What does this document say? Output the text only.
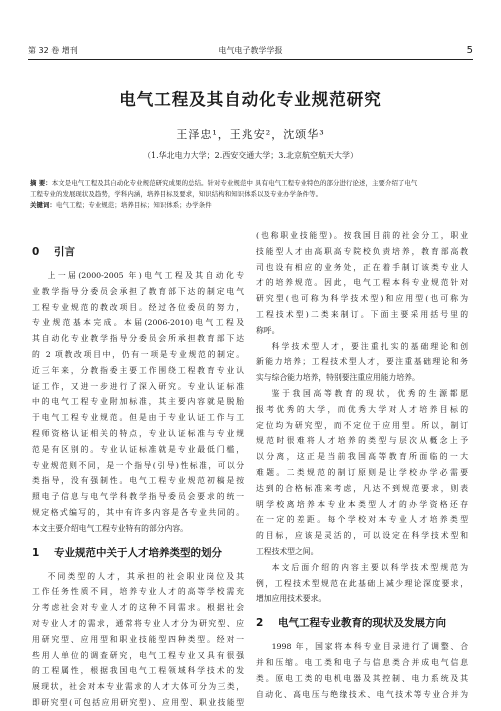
第 32 卷 增刊	电气电子教学学报	5
电气工程及其自动化专业规范研究
王泽忠¹，王兆安²，沈颂华³
（1.华北电力大学；2.西安交通大学；3.北京航空航天大学）
摘 要：本文是电气工程及其自动化专业规范研究成果的总结。针对专业规范中 具有电气工程专业特色的部分进行论述，主要介绍了电气
工程专业的发展现状及趋势，学科内涵，培养目标及要求，知识结构和知识体系以及专业办学条件等。
关键词：电气工程；专业规范；培养目标；知识体系；办学条件
0 引言
上一届(2000-2005 年)电气工程及其自动化专
业教学指导分委员会承担了教育部下达的制定电气
工程专业规范的教改项目。经过各位委员的努力，
专业规范基本完成。本届(2006-2010)电气工程及
其自动化专业教学指导分委员会所承担教育部下达
的 2 项教改项目中，仍有一项是专业规范的制定。
近三年来，分教指委主要工作围绕工程教育专业认
证工作，又进一步进行了深入研究。专业认证标准
中的电气工程专业附加标准，其主要内容就是脱胎
于电气工程专业规范。但是由于专业认证工作与工
程师资格认证相关的特点，专业认证标准与专业规
范是有区别的。专业认证标准就是专业最低门槛，
专业规范则不同，是一个指导(引导)性标准，可以分
类指导，没有强制性。电气工程专业规范初稿是按
照电子信息与电气学科教学指导委员会要求的统一
规定格式编写的，其中有许多内容是各专业共同的。
本文主要介绍电气工程专业特有的部分内容。
1 专业规范中关于人才培养类型的划分
不同类型的人才，其承担的社会职业岗位及其
工作任务性质不同，培养专业人才的高等学校需充
分考虑社会对专业人才的这种不同需求。根据社会
对专业人才的需求，通常将专业人才分为研究型、应
用研究型、应用型和职业技能型四种类型。经对一
些用人单位的调查研究，电气工程专业又具有很强
的工程属性，根据我国电气工程领域科学技术的发
展现状，社会对本专业需求的人才大体可分为三类，
即研究型(可包括应用研究型)、应用型、职业技能型
(也称职业技能型)。按我国目前的社会分工，职业
技能型人才由高职高专院校负责培养，教育部高教
司也设有相应的业务处，正在着手制订该类专业人
才的培养规范。因此，电气工程本科专业规范针对
研究型(也可称为科学技术型)和应用型(也可称为
工程技术型)二类来制订。下面主要采用括号里的
称呼。
科学技术型人才，要注重扎实的基础理论和创
新能力培养；工程技术型人才，要注重基础理论和务
实与综合能力培养，特别要注重应用能力培养。
鉴于我国高等教育的现状，优秀的生源都愿
报考优秀的大学，而优秀大学对人才培养目标的
定位均为研究型，而不定位于应用型。所以，制订
规范时很难将人才培养的类型与层次从概念上予
以分离，这正是当前我国高等教育所面临的一大
难题。二类规范的制订原则是让学校办学必需要
达到的合格标准来考虑，凡达不到规范要求，则表
明学校离培养本专业本类型人才的办学资格还存
在一定的差距。每个学校对本专业人才培养类型
的目标，应该是灵活的，可以设定在科学技术型和
工程技术型之间。
本文后面介绍的内容主要以科学技术型规范为
例，工程技术型规范在此基础上减少理论深度要求，
增加应用技术要求。
2 电气工程专业教育的现状及发展方向
1998 年，国家将本科专业目录进行了调整、合
并和压缩。电工类和电子与信息类合并成电气信息
类。原电工类的电机电器及其控制、电力系统及其
自动化、高电压与绝缘技术、电气技术等专业合并为
